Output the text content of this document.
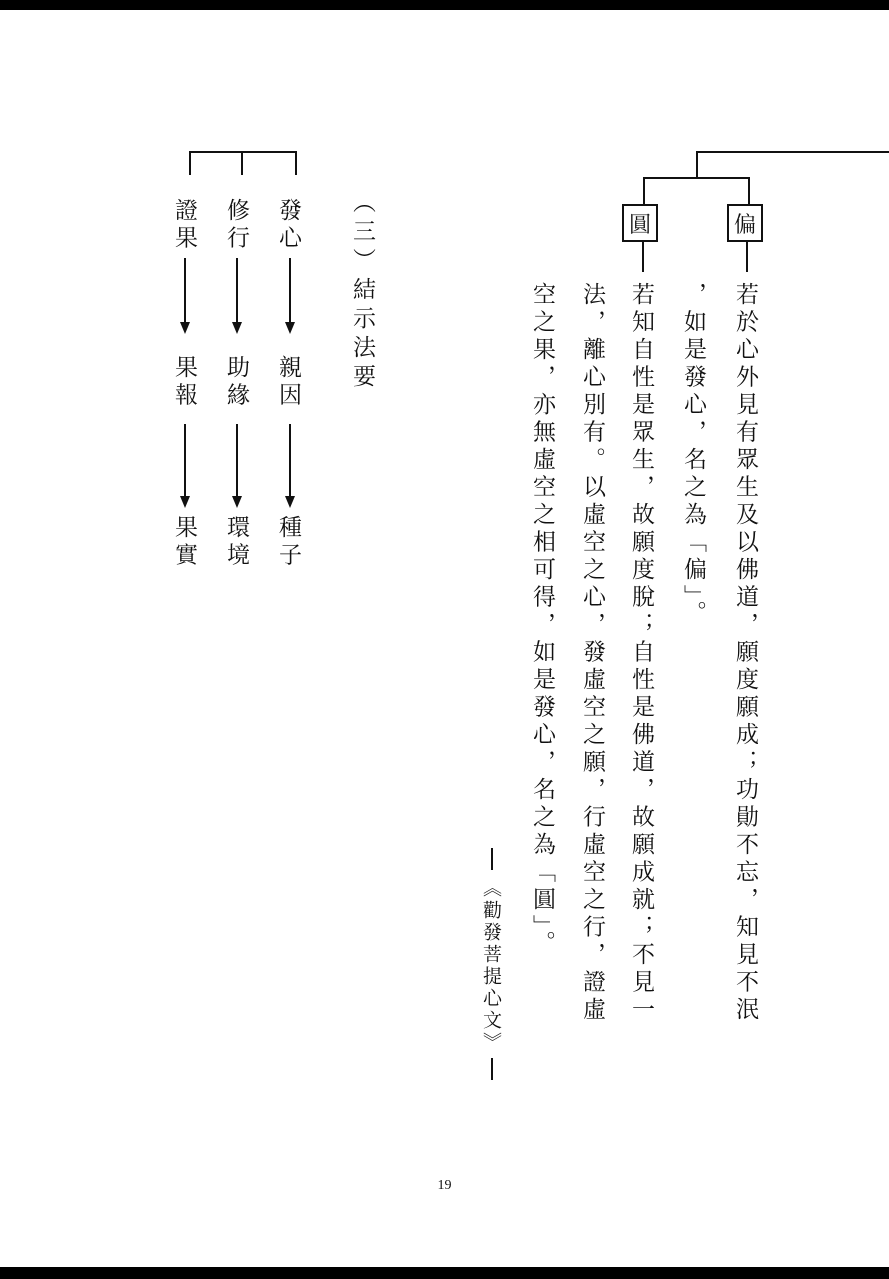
偏
圓
若於心外見有眾生及以佛道，願度願成；功勛不忘，知見不泯
，如是發心，名之為「偏」。
若知自性是眾生，故願度脫；自性是佛道，故願成就；不見一
法，離心別有。以虛空之心，發虛空之願，行虛空之行，證虛
空之果，亦無虛空之相可得，如是發心，名之為「圓」。
《勸發菩提心文》
（三）結示法要
發心
親因
種子
修行
助緣
環境
證果
果報
果實
19
